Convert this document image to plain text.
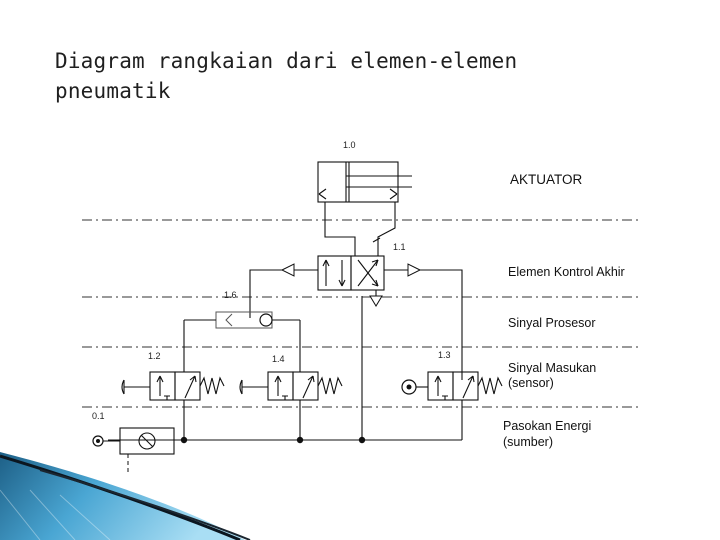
Diagram rangkaian dari elemen-elemen
pneumatik
AKTUATOR
Elemen Kontrol Akhir
Sinyal Prosesor
Sinyal Masukan
(sensor)
Pasokan Energi
(sumber)
1.0
1.1
1.6
1.2	1.4	1.3
0.1
